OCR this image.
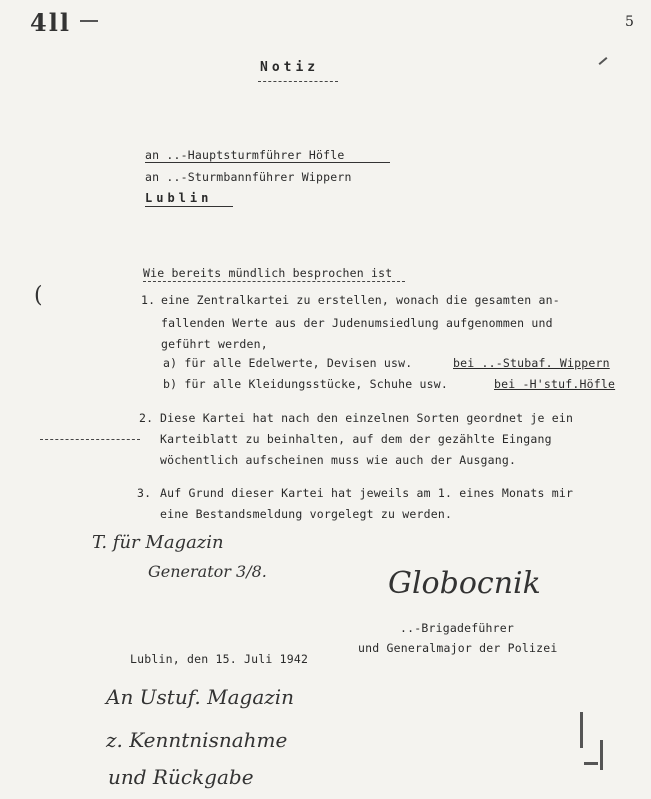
4ll	5
Notiz
an ..-Hauptsturmführer Höfle
an ..-Sturmbannführer Wippern
Lublin
Wie bereits mündlich besprochen ist
(	1. eine Zentralkartei zu erstellen, wonach die gesamten an-
fallenden Werte aus der Judenumsiedlung aufgenommen und
geführt werden,
a) für alle Edelwerte, Devisen usw.	bei ..-Stubaf. Wippern
b) für alle Kleidungsstücke, Schuhe usw.	bei -H'stuf.Höfle
2. Diese Kartei hat nach den einzelnen Sorten geordnet je ein
Karteiblatt zu beinhalten, auf dem der gezählte Eingang
wöchentlich aufscheinen muss wie auch der Ausgang.
3. Auf Grund dieser Kartei hat jeweils am 1. eines Monats mir
eine Bestandsmeldung vorgelegt zu werden.
T. für Magazin
Generator 3/8.	Globocnik
..-Brigadeführer
und Generalmajor der Polizei
Lublin, den 15. Juli 1942
An Ustuf. Magazin
z. Kenntnisnahme
und Rückgabe
